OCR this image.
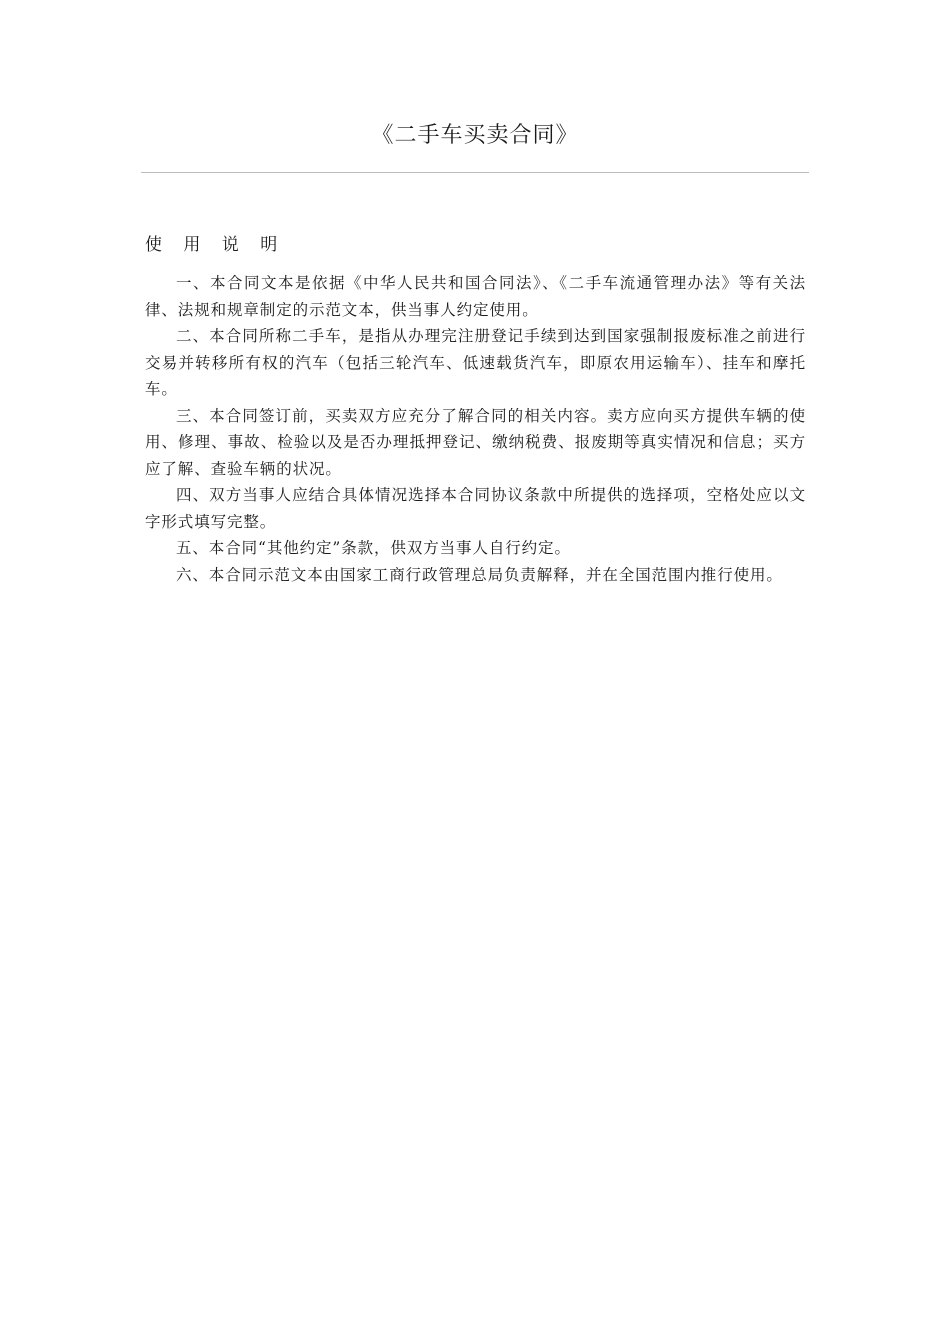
《二手车买卖合同》
使 用 说 明

一、本合同文本是依据《中华人民共和国合同法》、《二手车流通管理办法》等有关法律、法规和规章制定的示范文本，供当事人约定使用。

二、本合同所称二手车，是指从办理完注册登记手续到达到国家强制报废标准之前进行交易并转移所有权的汽车（包括三轮汽车、低速载货汽车，即原农用运输车）、挂车和摩托车。

三、本合同签订前，买卖双方应充分了解合同的相关内容。卖方应向买方提供车辆的使用、修理、事故、检验以及是否办理抵押登记、缴纳税费、报废期等真实情况和信息；买方应了解、查验车辆的状况。

四、双方当事人应结合具体情况选择本合同协议条款中所提供的选择项，空格处应以文字形式填写完整。

五、本合同“其他约定”条款，供双方当事人自行约定。

六、本合同示范文本由国家工商行政管理总局负责解释，并在全国范围内推行使用。
